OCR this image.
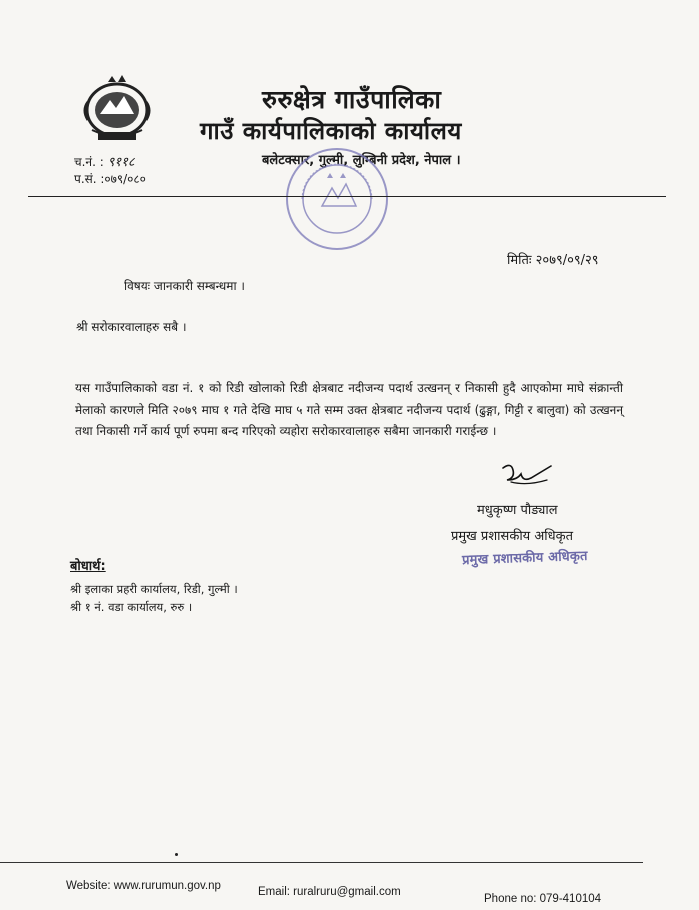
रुरुक्षेत्र गाउँपालिका
गाउँ कार्यपालिकाको कार्यालय
बलेटक्सार, गुल्मी, लुम्बिनी प्रदेश, नेपाल ।
च.नं. : ९११८
प.सं. :०७९/०८०
मितिः २०७९/०९/२९
विषयः जानकारी सम्बन्धमा ।
श्री सरोकारवालाहरु सबै ।
यस गाउँपालिकाको वडा नं. १ को रिडी खोलाको रिडी क्षेत्रबाट नदीजन्य पदार्थ उत्खनन् र निकासी हुदै आएकोमा माघे संक्रान्ती मेलाको कारणले मिति २०७९ माघ १ गते देखि माघ ५ गते सम्म उक्त क्षेत्रबाट नदीजन्य पदार्थ (ढुङ्गा, गिट्टी र बालुवा) को उत्खनन् तथा निकासी गर्ने कार्य पूर्ण रुपमा बन्द गरिएको व्यहोरा सरोकारवालाहरु सबैमा जानकारी गराईन्छ ।
मधुकृष्ण पौड्याल
प्रमुख प्रशासकीय अधिकृत
प्रमुख प्रशासकीय अधिकृत
बोधार्थ:
श्री इलाका प्रहरी कार्यालय, रिडी, गुल्मी ।
श्री १ नं. वडा कार्यालय, रुरु ।
Website: www.rurumun.gov.np	Email: ruralruru@gmail.com
Phone no: 079-410104
